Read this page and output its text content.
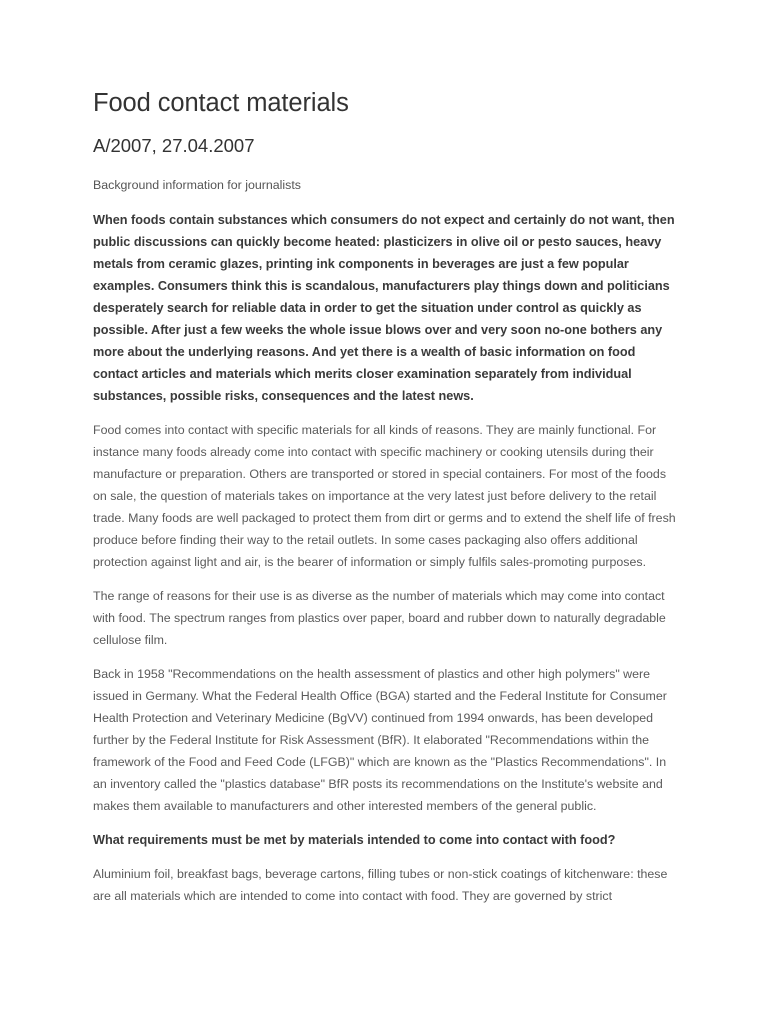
Food contact materials
A/2007, 27.04.2007
Background information for journalists

When foods contain substances which consumers do not expect and certainly do not want, then public discussions can quickly become heated: plasticizers in olive oil or pesto sauces, heavy metals from ceramic glazes, printing ink components in beverages are just a few popular examples. Consumers think this is scandalous, manufacturers play things down and politicians desperately search for reliable data in order to get the situation under control as quickly as possible. After just a few weeks the whole issue blows over and very soon no-one bothers any more about the underlying reasons. And yet there is a wealth of basic information on food contact articles and materials which merits closer examination separately from individual substances, possible risks, consequences and the latest news.

Food comes into contact with specific materials for all kinds of reasons. They are mainly functional. For instance many foods already come into contact with specific machinery or cooking utensils during their manufacture or preparation. Others are transported or stored in special containers. For most of the foods on sale, the question of materials takes on importance at the very latest just before delivery to the retail trade. Many foods are well packaged to protect them from dirt or germs and to extend the shelf life of fresh produce before finding their way to the retail outlets. In some cases packaging also offers additional protection against light and air, is the bearer of information or simply fulfils sales-promoting purposes.

The range of reasons for their use is as diverse as the number of materials which may come into contact with food. The spectrum ranges from plastics over paper, board and rubber down to naturally degradable cellulose film.

Back in 1958 "Recommendations on the health assessment of plastics and other high polymers" were issued in Germany. What the Federal Health Office (BGA) started and the Federal Institute for Consumer Health Protection and Veterinary Medicine (BgVV) continued from 1994 onwards, has been developed further by the Federal Institute for Risk Assessment (BfR). It elaborated "Recommendations within the framework of the Food and Feed Code (LFGB)" which are known as the "Plastics Recommendations". In an inventory called the "plastics database" BfR posts its recommendations on the Institute's website and makes them available to manufacturers and other interested members of the general public.

What requirements must be met by materials intended to come into contact with food?

Aluminium foil, breakfast bags, beverage cartons, filling tubes or non-stick coatings of kitchenware: these are all materials which are intended to come into contact with food. They are governed by strict
